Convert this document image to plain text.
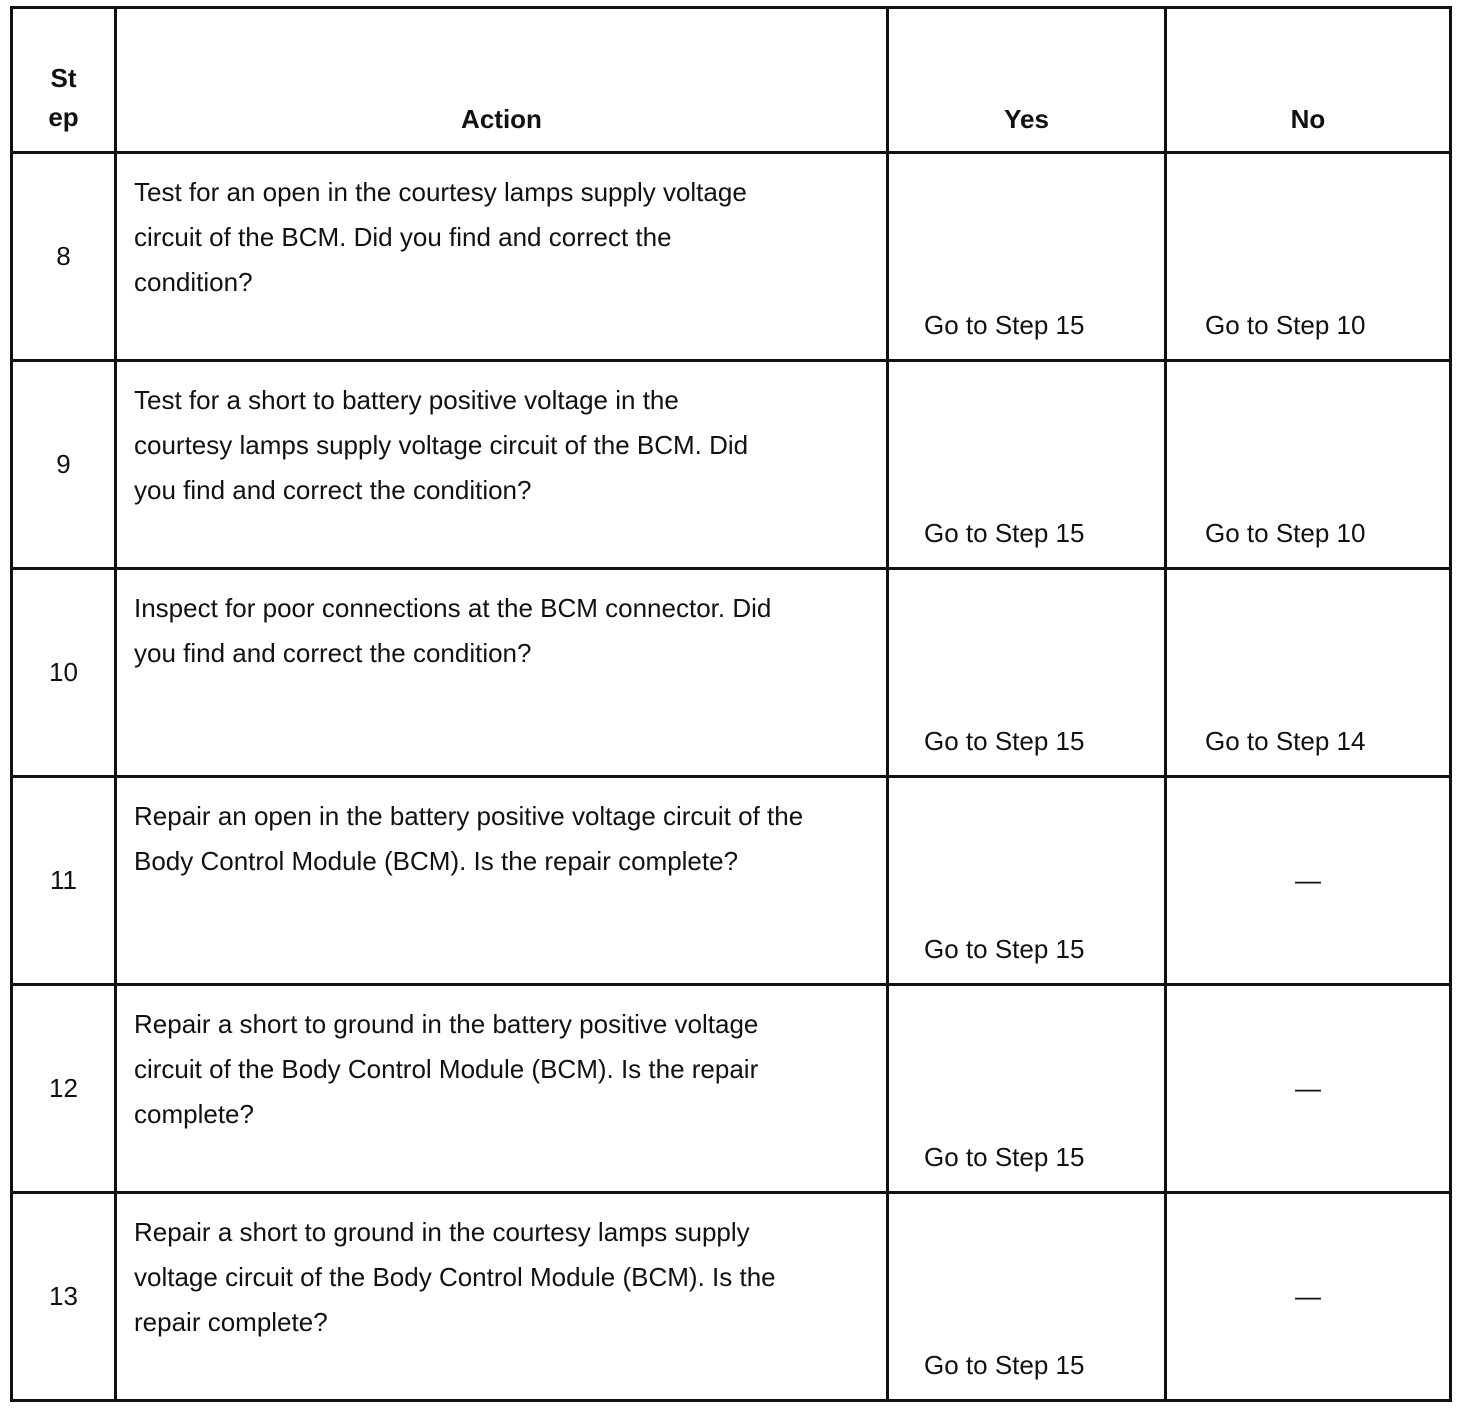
St
ep	Action	Yes	No
8	Test for an open in the courtesy lamps supply voltage circuit of the BCM. Did you find and correct the condition?	Go to Step 15	Go to Step 10

9	Test for a short to battery positive voltage in the courtesy lamps supply voltage circuit of the BCM. Did you find and correct the condition?	Go to Step 15	Go to Step 10

10	Inspect for poor connections at the BCM connector. Did you find and correct the condition?	Go to Step 15	Go to Step 14

11	Repair an open in the battery positive voltage circuit of the Body Control Module (BCM). Is the repair complete?	Go to Step 15	—

12	Repair a short to ground in the battery positive voltage circuit of the Body Control Module (BCM). Is the repair complete?	Go to Step 15	—

13	Repair a short to ground in the courtesy lamps supply voltage circuit of the Body Control Module (BCM). Is the repair complete?	Go to Step 15	—
